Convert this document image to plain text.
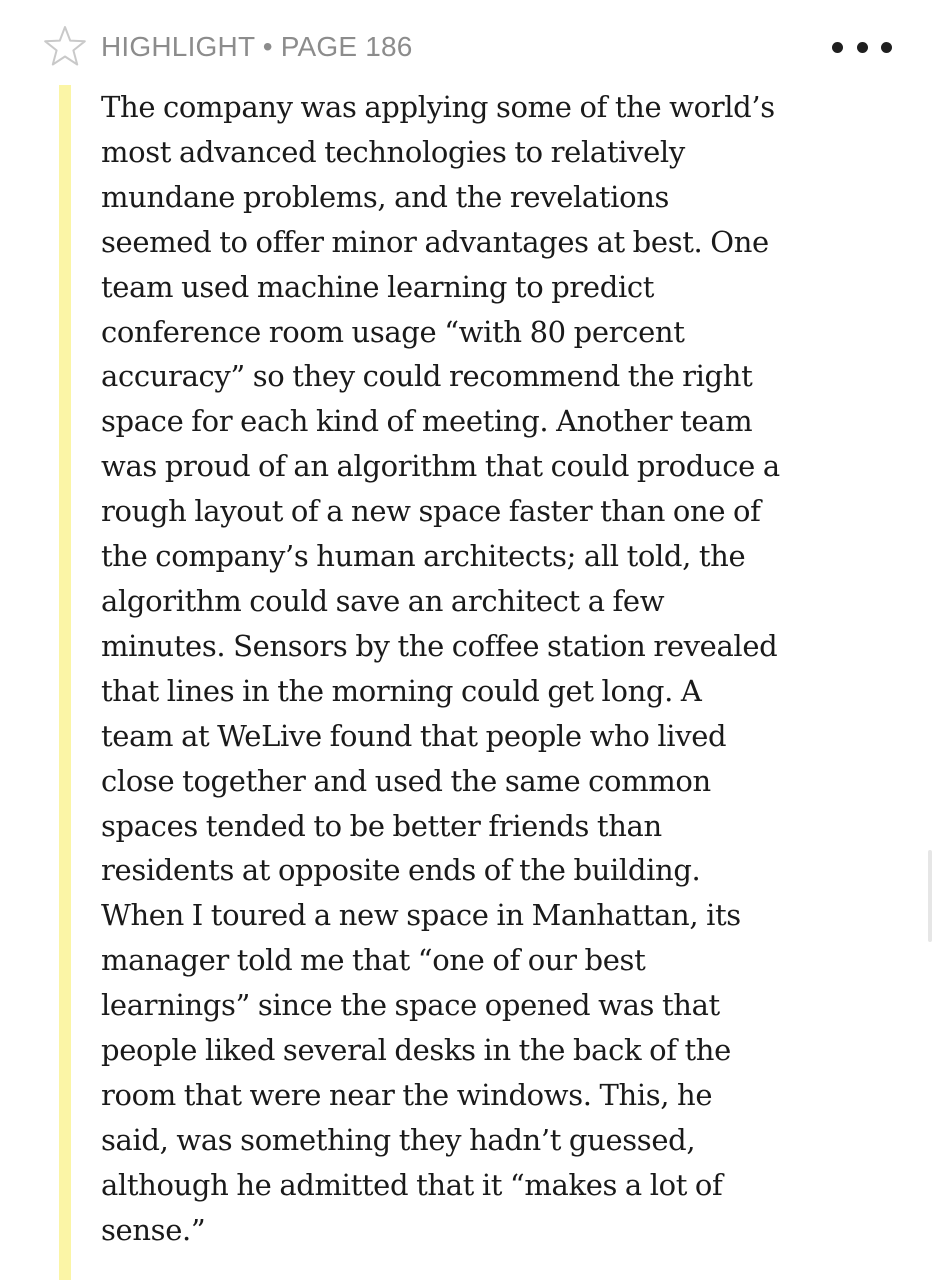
HIGHLIGHT • PAGE 186
The company was applying some of the world’s
most advanced technologies to relatively
mundane problems, and the revelations
seemed to offer minor advantages at best. One
team used machine learning to predict
conference room usage “with 80 percent
accuracy” so they could recommend the right
space for each kind of meeting. Another team
was proud of an algorithm that could produce a
rough layout of a new space faster than one of
the company’s human architects; all told, the
algorithm could save an architect a few
minutes. Sensors by the coffee station revealed
that lines in the morning could get long. A
team at WeLive found that people who lived
close together and used the same common
spaces tended to be better friends than
residents at opposite ends of the building.
When I toured a new space in Manhattan, its
manager told me that “one of our best
learnings” since the space opened was that
people liked several desks in the back of the
room that were near the windows. This, he
said, was something they hadn’t guessed,
although he admitted that it “makes a lot of
sense.”
